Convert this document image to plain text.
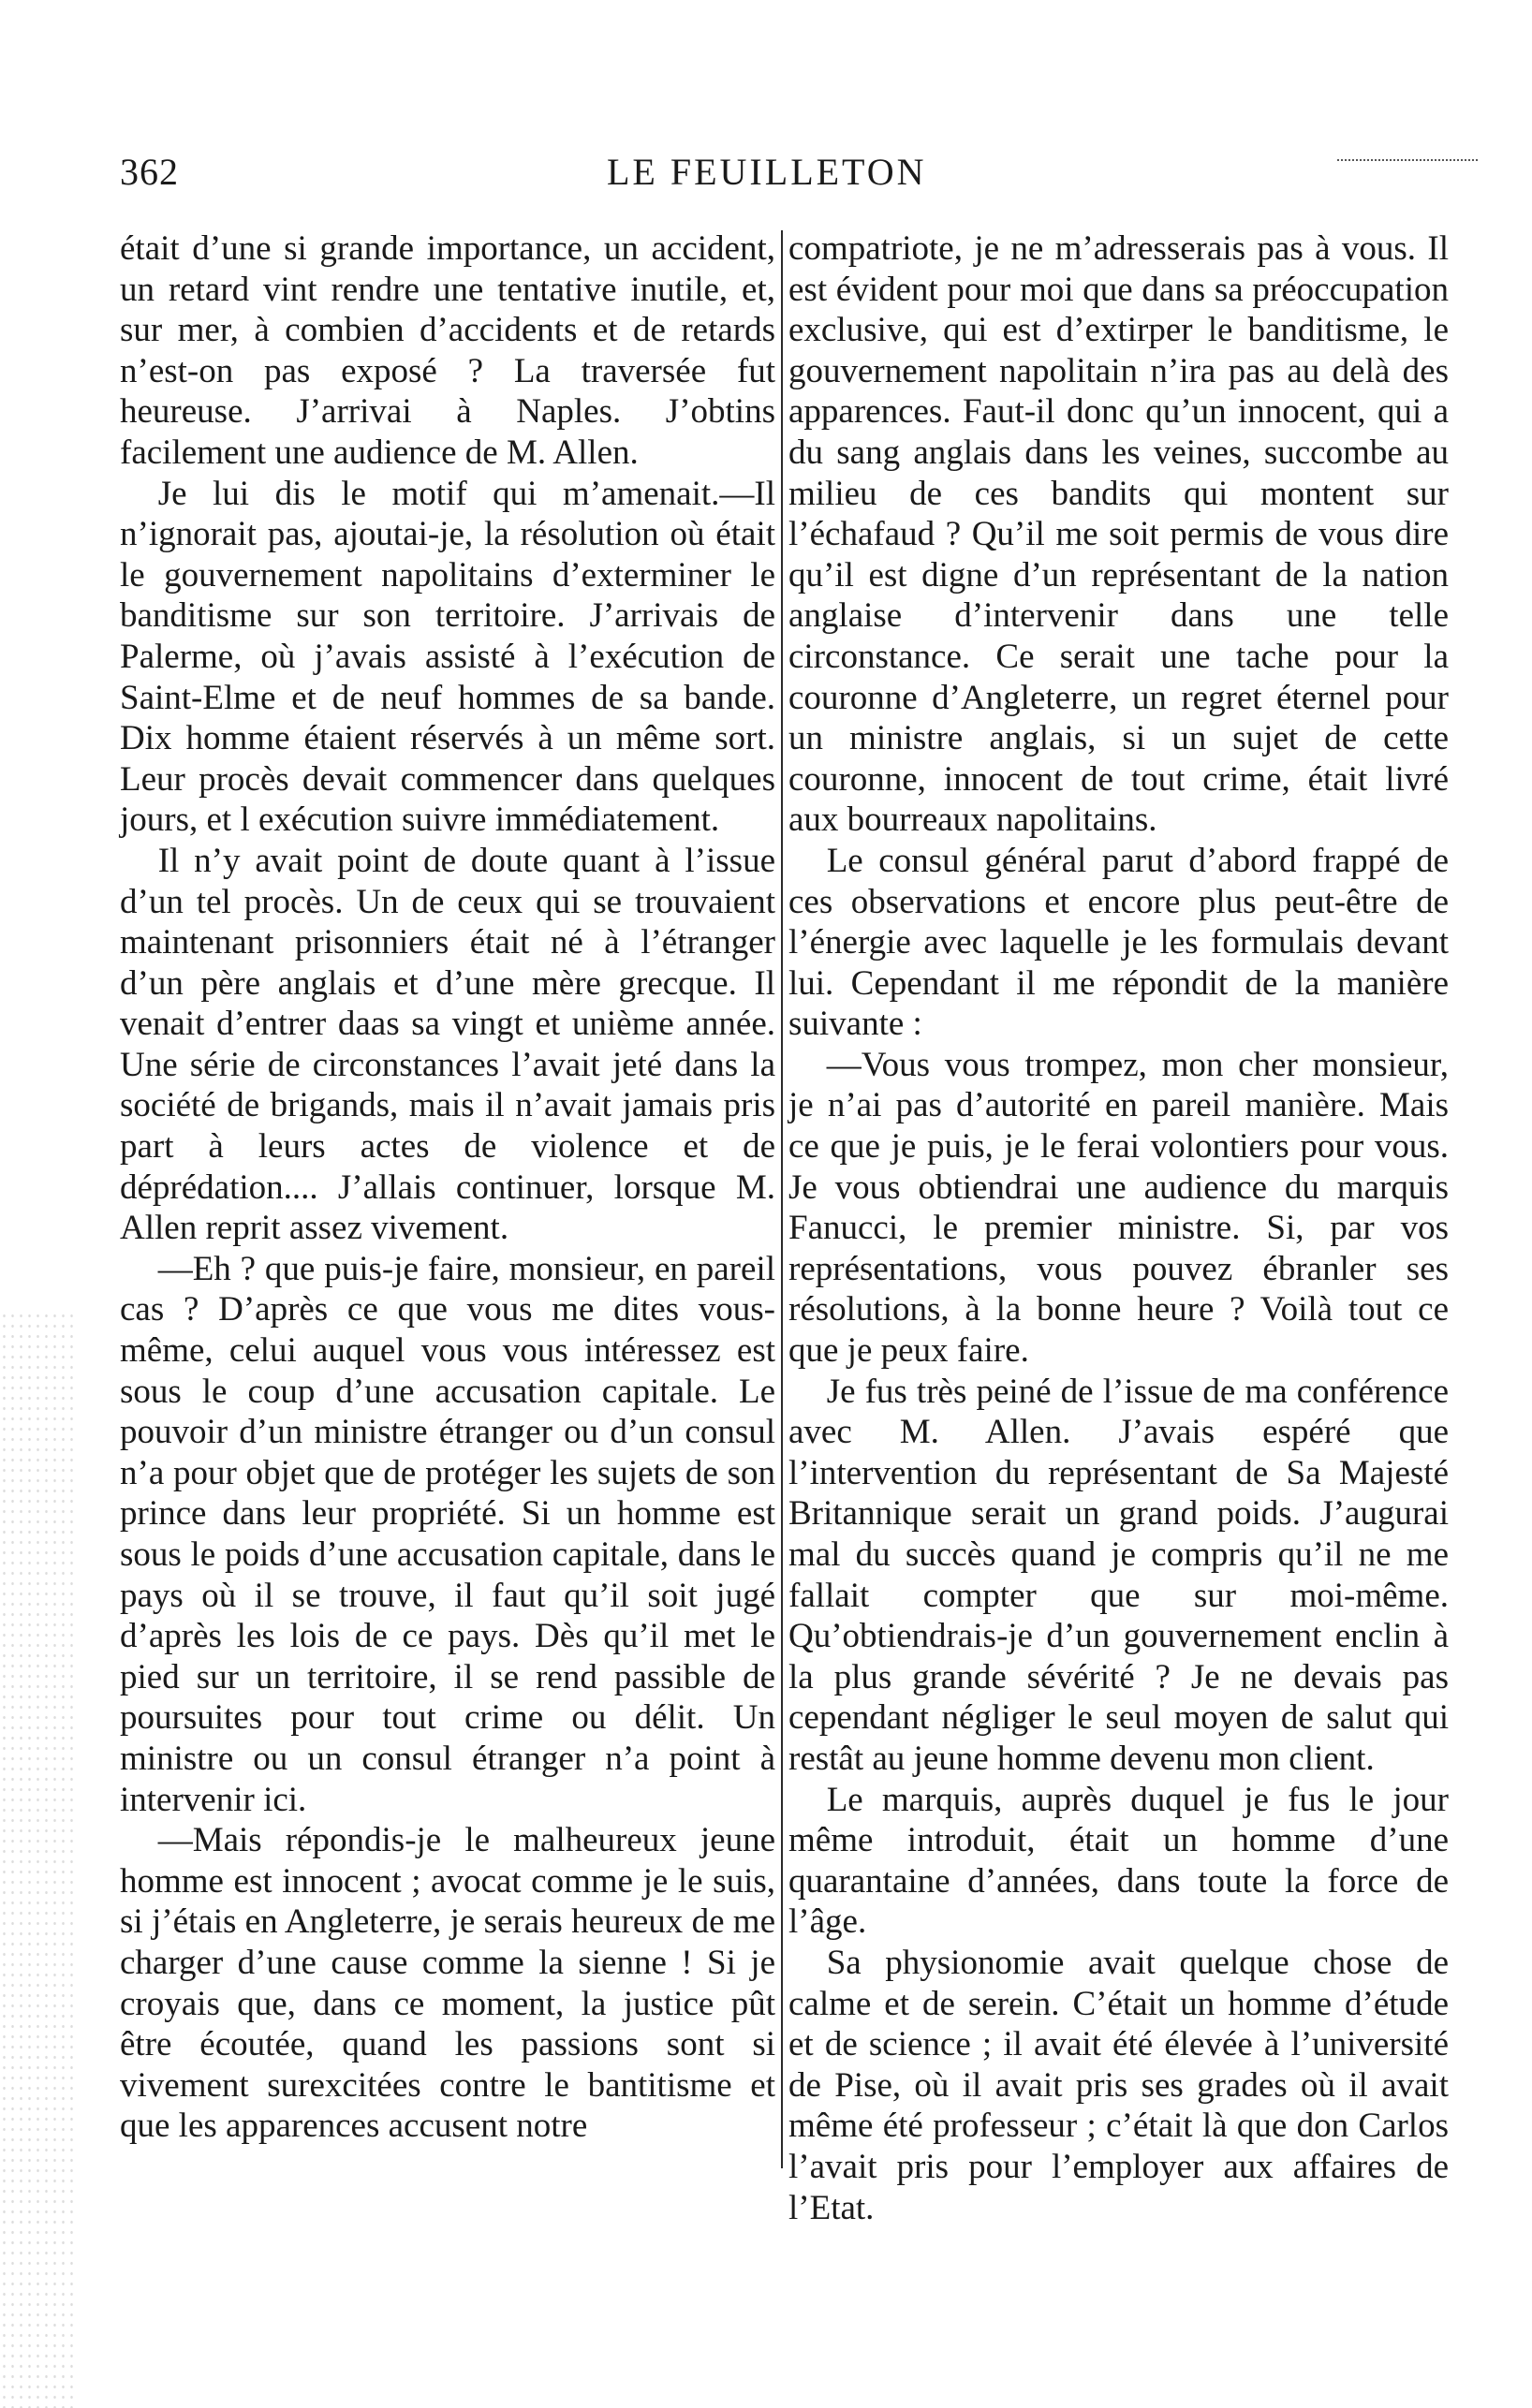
362	LE FEUILLETON

était d’une si grande importance, un accident, un retard vint rendre une tentative inutile, et, sur mer, à combien d’accidents et de retards n’est-on pas exposé ? La traversée fut heureuse. J’arrivai à Naples. J’obtins facilement une audience de M. Allen.

Je lui dis le motif qui m’amenait.—Il n’ignorait pas, ajoutai-je, la résolution où était le gouvernement napolitains d’exterminer le banditisme sur son territoire. J’arrivais de Palerme, où j’avais assisté à l’exécution de Saint-Elme et de neuf hommes de sa bande. Dix homme étaient réservés à un même sort. Leur procès devait commencer dans quelques jours, et l exécution suivre immédiatement.

Il n’y avait point de doute quant à l’issue d’un tel procès. Un de ceux qui se trouvaient maintenant prisonniers était né à l’étranger d’un père anglais et d’une mère grecque. Il venait d’entrer daas sa vingt et unième année. Une série de circonstances l’avait jeté dans la société de brigands, mais il n’avait jamais pris part à leurs actes de violence et de déprédation.... J’allais continuer, lorsque M. Allen reprit assez vivement.

—Eh ? que puis-je faire, monsieur, en pareil cas ? D’après ce que vous me dites vous-même, celui auquel vous vous intéressez est sous le coup d’une accusation capitale. Le pouvoir d’un ministre étranger ou d’un consul n’a pour objet que de protéger les sujets de son prince dans leur propriété. Si un homme est sous le poids d’une accusation capitale, dans le pays où il se trouve, il faut qu’il soit jugé d’après les lois de ce pays. Dès qu’il met le pied sur un territoire, il se rend passible de poursuites pour tout crime ou délit. Un ministre ou un consul étranger n’a point à intervenir ici.

—Mais répondis-je le malheureux jeune homme est innocent ; avocat comme je le suis, si j’étais en Angleterre, je serais heureux de me charger d’une cause comme la sienne ! Si je croyais que, dans ce moment, la justice pût être écoutée, quand les passions sont si vivement surexcitées contre le bantitisme et que les apparences accusent notre

compatriote, je ne m’adresserais pas à vous. Il est évident pour moi que dans sa préoccupation exclusive, qui est d’extirper le banditisme, le gouvernement napolitain n’ira pas au delà des apparences. Faut-il donc qu’un innocent, qui a du sang anglais dans les veines, succombe au milieu de ces bandits qui montent sur l’échafaud ? Qu’il me soit permis de vous dire qu’il est digne d’un représentant de la nation anglaise d’intervenir dans une telle circonstance. Ce serait une tache pour la couronne d’Angleterre, un regret éternel pour un ministre anglais, si un sujet de cette couronne, innocent de tout crime, était livré aux bourreaux napolitains.

Le consul général parut d’abord frappé de ces observations et encore plus peut-être de l’énergie avec laquelle je les formulais devant lui. Cependant il me répondit de la manière suivante :

—Vous vous trompez, mon cher monsieur, je n’ai pas d’autorité en pareil manière. Mais ce que je puis, je le ferai volontiers pour vous. Je vous obtiendrai une audience du marquis Fanucci, le premier ministre. Si, par vos représentations, vous pouvez ébranler ses résolutions, à la bonne heure ? Voilà tout ce que je peux faire.

Je fus très peiné de l’issue de ma conférence avec M. Allen. J’avais espéré que l’intervention du représentant de Sa Majesté Britannique serait un grand poids. J’augurai mal du succès quand je compris qu’il ne me fallait compter que sur moi-même. Qu’obtiendrais-je d’un gouvernement enclin à la plus grande sévérité ? Je ne devais pas cependant négliger le seul moyen de salut qui restât au jeune homme devenu mon client.

Le marquis, auprès duquel je fus le jour même introduit, était un homme d’une quarantaine d’années, dans toute la force de l’âge.

Sa physionomie avait quelque chose de calme et de serein. C’était un homme d’étude et de science ; il avait été élevée à l’université de Pise, où il avait pris ses grades où il avait même été professeur ; c’était là que don Carlos l’avait pris pour l’employer aux affaires de l’Etat.
